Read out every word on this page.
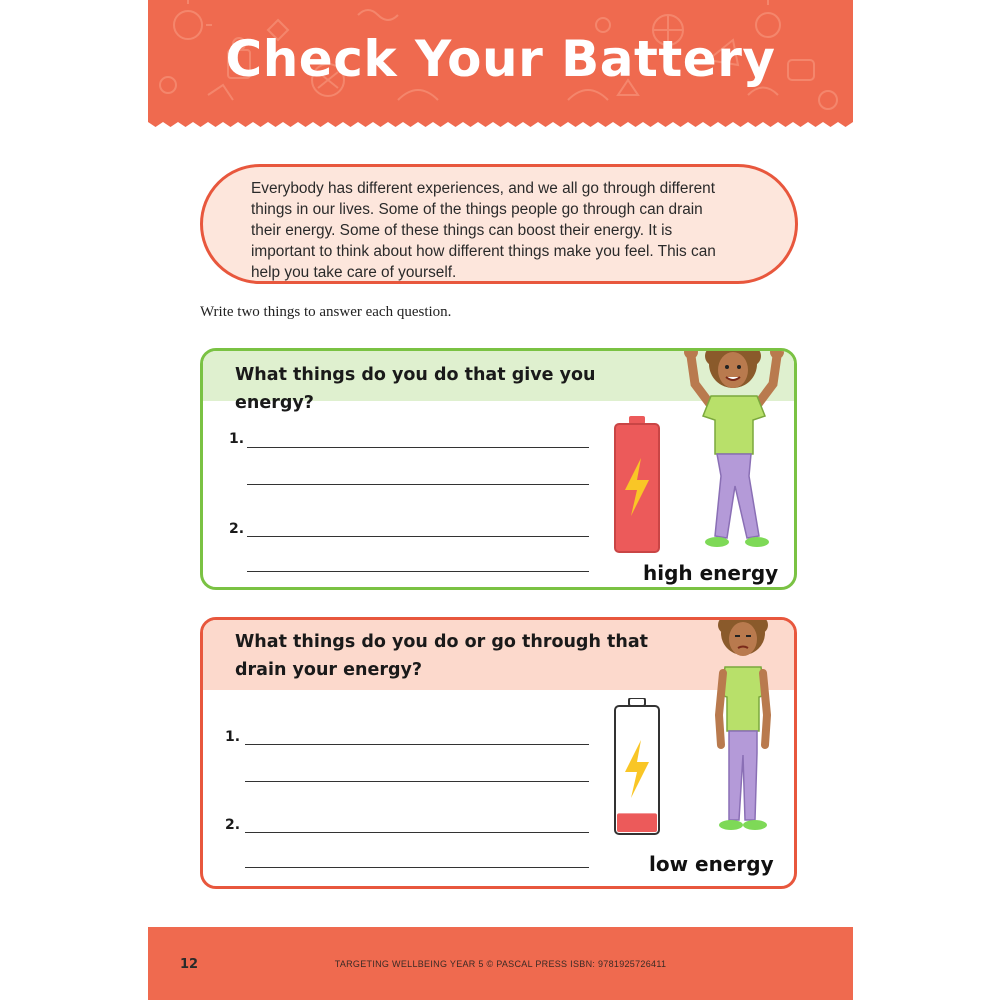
Check Your Battery
Everybody has different experiences, and we all go through different
things in our lives. Some of the things people go through can drain
their energy. Some of these things can boost their energy. It is
important to think about how different things make you feel. This can
help you take care of yourself.
Write two things to answer each question.
What things do you do that give you energy?
1.
2.
high energy
What things do you do or go through that
drain your energy?
1.
2.
low energy
12	TARGETING WELLBEING YEAR 5 © PASCAL PRESS ISBN: 9781925726411
